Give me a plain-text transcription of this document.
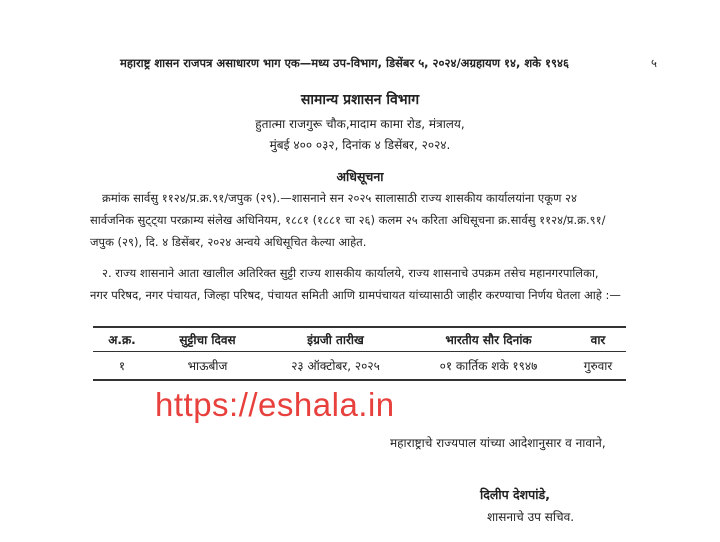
महाराष्ट्र शासन राजपत्र असाधारण भाग एक—मध्य उप-विभाग, डिसेंबर ५, २०२४/अग्रहायण १४, शके १९४६	५
सामान्य प्रशासन विभाग
हुतात्मा राजगुरू चौक,मादाम कामा रोड, मंत्रालय,
मुंबई ४०० ०३२, दिनांक ४ डिसेंबर, २०२४.
अधिसूचना
क्रमांक सार्वसु ११२४/प्र.क्र.९१/जपुक (२९).—शासनाने सन २०२५ सालासाठी राज्य शासकीय कार्यालयांना एकूण २४
सार्वजनिक सुट्ट्या परक्राम्य संलेख अधिनियम, १८८१ (१८८१ चा २६) कलम २५ करिता अधिसूचना क्र.सार्वसु ११२४/प्र.क्र.९१/
जपुक (२९), दि. ४ डिसेंबर, २०२४ अन्वये अधिसूचित केल्या आहेत.
२. राज्य शासनाने आता खालील अतिरिक्त सुट्टी राज्य शासकीय कार्यालये, राज्य शासनाचे उपक्रम तसेच महानगरपालिका,
नगर परिषद, नगर पंचायत, जिल्हा परिषद, पंचायत समिती आणि ग्रामपंचायत यांच्यासाठी जाहीर करण्याचा निर्णय घेतला आहे :—
अ.क्र.	सुट्टीचा दिवस	इंग्रजी तारीख	भारतीय सौर दिनांक	वार
१	भाऊबीज	२३ ऑक्टोबर, २०२५	०१ कार्तिक शके १९४७	गुरुवार
https://eshala.in
महाराष्ट्राचे राज्यपाल यांच्या आदेशानुसार व नावाने,
दिलीप देशपांडे,
शासनाचे उप सचिव.
